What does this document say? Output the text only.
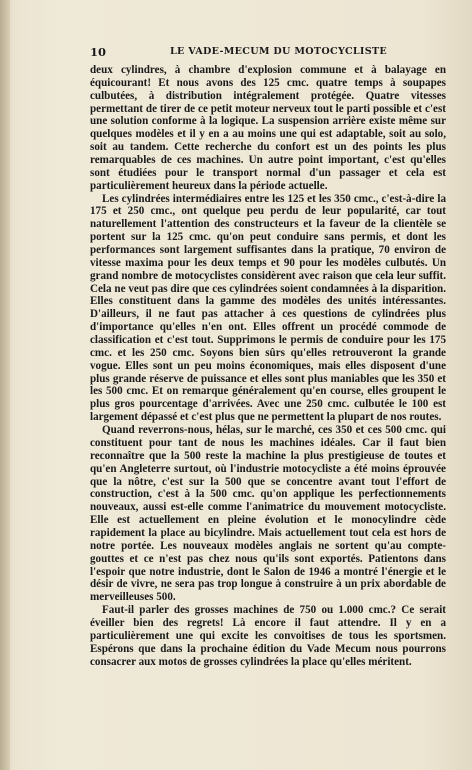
10	LE VADE-MECUM DU MOTOCYCLISTE

deux cylindres, à chambre d'explosion commune et à balayage en équicourant! Et nous avons des 125 cmc. quatre temps à soupapes culbutées, à distribution intégralement protégée. Quatre vitesses permettant de tirer de ce petit moteur nerveux tout le parti possible et c'est une solution conforme à la logique. La suspension arrière existe même sur quelques modèles et il y en a au moins une qui est adaptable, soit au solo, soit au tandem. Cette recherche du confort est un des points les plus remarquables de ces machines. Un autre point important, c'est qu'elles sont étudiées pour le transport normal d'un passager et cela est particulièrement heureux dans la période actuelle.

Les cylindrées intermédiaires entre les 125 et les 350 cmc., c'est-à-dire la 175 et 250 cmc., ont quelque peu perdu de leur popularité, car tout naturellement l'attention des constructeurs et la faveur de la clientèle se portent sur la 125 cmc. qu'on peut conduire sans permis, et dont les performances sont largement suffisantes dans la pratique, 70 environ de vitesse maxima pour les deux temps et 90 pour les modèles culbutés. Un grand nombre de motocyclistes considèrent avec raison que cela leur suffit. Cela ne veut pas dire que ces cylindrées soient condamnées à la disparition. Elles constituent dans la gamme des modèles des unités intéressantes. D'ailleurs, il ne faut pas attacher à ces questions de cylindrées plus d'importance qu'elles n'en ont. Elles offrent un procédé commode de classification et c'est tout. Supprimons le permis de conduire pour les 175 cmc. et les 250 cmc. Soyons bien sûrs qu'elles retrouveront la grande vogue. Elles sont un peu moins économiques, mais elles disposent d'une plus grande réserve de puissance et elles sont plus maniables que les 350 et les 500 cmc. Et on remarque généralement qu'en course, elles groupent le plus gros pourcentage d'arrivées. Avec une 250 cmc. culbutée le 100 est largement dépassé et c'est plus que ne permettent la plupart de nos routes.

Quand reverrons-nous, hélas, sur le marché, ces 350 et ces 500 cmc. qui constituent pour tant de nous les machines idéales. Car il faut bien reconnaître que la 500 reste la machine la plus prestigieuse de toutes et qu'en Angleterre surtout, où l'industrie motocycliste a été moins éprouvée que la nôtre, c'est sur la 500 que se concentre avant tout l'effort de construction, c'est à la 500 cmc. qu'on applique les perfectionnements nouveaux, aussi est-elle comme l'animatrice du mouvement motocycliste. Elle est actuellement en pleine évolution et le monocylindre cède rapidement la place au bicylindre. Mais actuellement tout cela est hors de notre portée. Les nouveaux modèles anglais ne sortent qu'au compte-gouttes et ce n'est pas chez nous qu'ils sont exportés. Patientons dans l'espoir que notre industrie, dont le Salon de 1946 a montré l'énergie et le désir de vivre, ne sera pas trop longue à construire à un prix abordable de merveilleuses 500.

Faut-il parler des grosses machines de 750 ou 1.000 cmc.? Ce serait éveiller bien des regrets! Là encore il faut attendre. Il y en a particulièrement une qui excite les convoitises de tous les sportsmen. Espérons que dans la prochaine édition du Vade Mecum nous pourrons consacrer aux motos de grosses cylindrées la place qu'elles méritent.
